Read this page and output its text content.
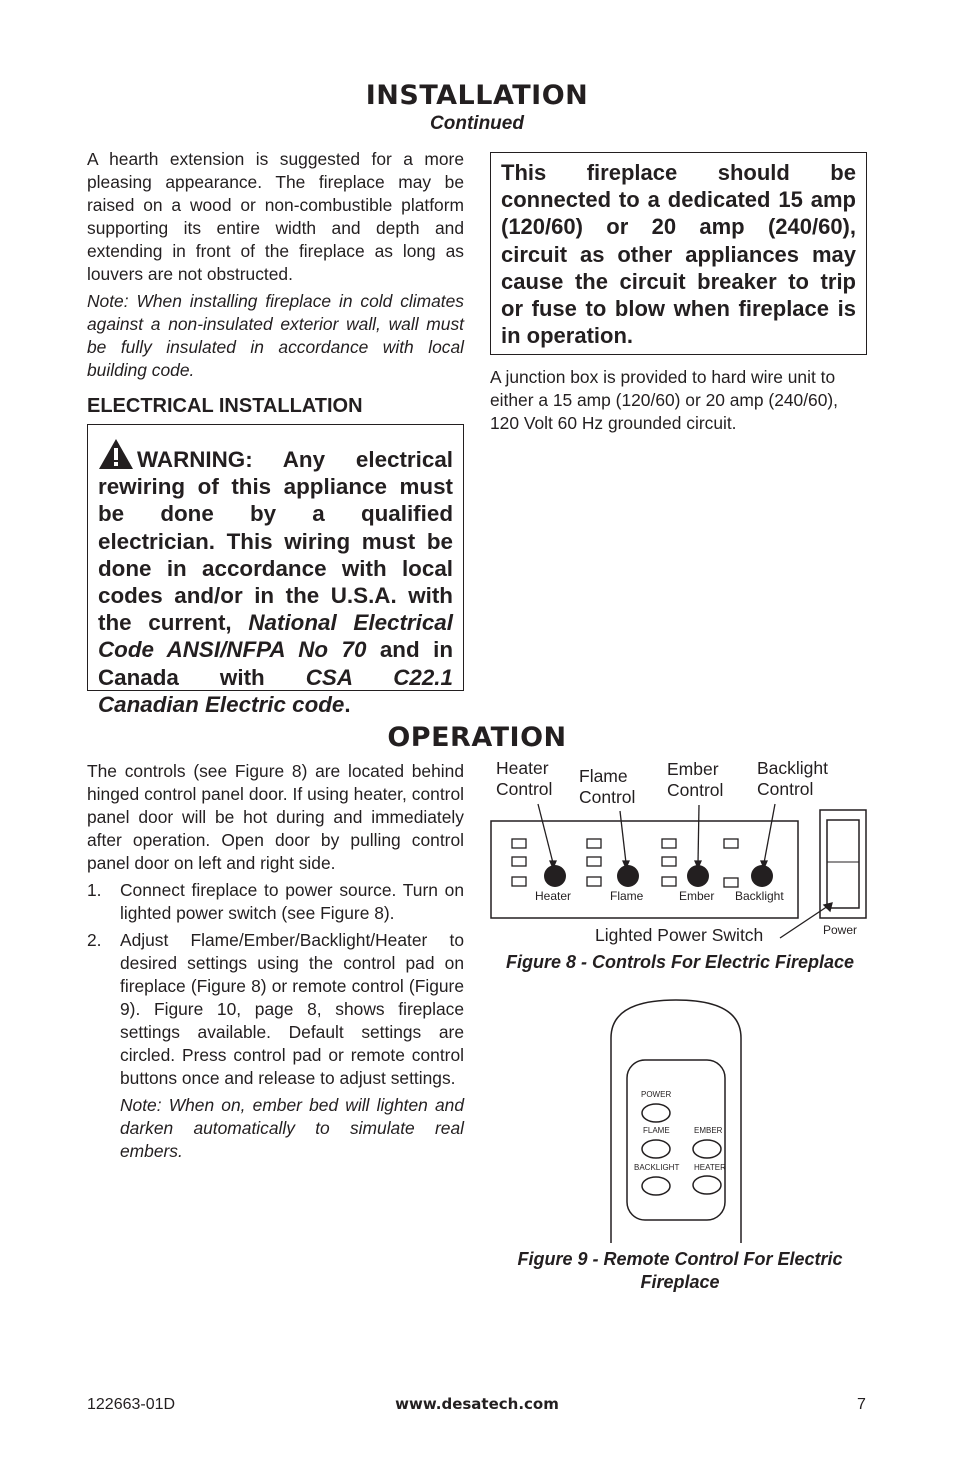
INSTALLATION
Continued

A hearth extension is suggested for a more pleasing appearance. The fireplace may be raised on a wood or non-combustible platform supporting its entire width and depth and extending in front of the fireplace as long as louvers are not obstructed.

Note: When installing fireplace in cold climates against a non-insulated exterior wall, wall must be fully insulated in accordance with local building code.

ELECTRICAL INSTALLATION
WARNING: Any electrical rewiring of this appliance must be done by a qualified electrician. This wiring must be done in accordance with local codes and/or in the U.S.A. with the current, National Electrical Code ANSI/NFPA No 70 and in Canada with CSA C22.1 Canadian Electric code.
This fireplace should be connected to a dedicated 15 amp (120/60) or 20 amp (240/60), circuit as other appliances may cause the circuit breaker to trip or fuse to blow when fireplace is in operation.
A junction box is provided to hard wire unit to either a 15 amp (120/60) or 20 amp (240/60), 120 Volt 60 Hz grounded circuit.
OPERATION

The controls (see Figure 8) are located behind hinged control panel door. If using heater, control panel door will be hot during and immediately after operation. Open door by pulling control panel door on left and right side.

1. Connect fireplace to power source. Turn on lighted power switch (see Figure 8).
2. Adjust Flame/Ember/Backlight/Heater to desired settings using the control pad on fireplace (Figure 8) or remote control (Figure 9). Figure 10, page 8, shows fireplace settings available. Default settings are circled. Press control pad or remote control buttons once and release to adjust settings.

Note: When on, ember bed will lighten and darken automatically to simulate real embers.

Heater
Control
Flame
Control
Ember
Control
Backlight
Control
Heater	Flame	Ember Backlight
Power
Lighted Power Switch
Figure 8 - Controls For Electric Fireplace
POWER
FLAME	EMBER
BACKLIGHT HEATER
Figure 9 - Remote Control For Electric Fireplace
122663-01D	www.desatech.com	7
